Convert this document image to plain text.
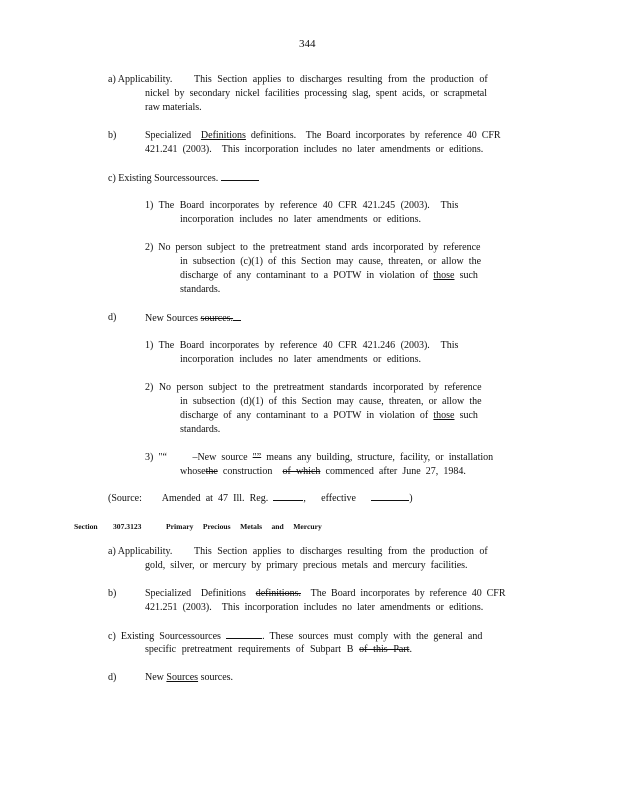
344
a) Applicability. This Section applies to discharges resulting from the production of
nickel by secondary nickel facilities processing slag, spent acids, or scrapmetal
raw materials.
b)	Specialized Definitions definitions.  The Board incorporates by reference 40 CFR
421.241 (2003).  This incorporation includes no later amendments or editions.
c) Existing Sourcessources.
1) The Board incorporates by reference 40 CFR 421.245 (2003).  This
incorporation includes no later amendments or editions.
2) No person subject to the pretreatment stand ards incorporated by reference
in subsection (c)(1) of this Section may cause, threaten, or allow the
discharge of any contaminant to a POTW in violation of those such
standards.
d)	New Sources sources.
1) The Board incorporates by reference 40 CFR 421.246 (2003).  This
incorporation includes no later amendments or editions.
2) No person subject to the pretreatment standards incorporated by reference
in subsection (d)(1) of this Section may cause, threaten, or allow the
discharge of any contaminant to a POTW in violation of those such
standards.
3) "“	–New source "” means any building, structure, facility, or installation
whosethe construction of which commenced after June 27, 1984.
(Source: Amended at 47 Ill. Reg.	, effective	)
Section 307.3123	Primary     Precious     Metals     and     Mercury
a) Applicability. This Section applies to discharges resulting from the production of
gold, silver, or mercury by primary precious metals and mercury facilities.
b)	Specialized  Definitions definitions. The Board incorporates by reference 40 CFR
421.251 (2003).  This incorporation includes no later amendments or editions.
c) Existing Sourcessources	. These sources must comply with the general and
specific pretreatment requirements of Subpart B of this Part.
d)	New Sources sources.
